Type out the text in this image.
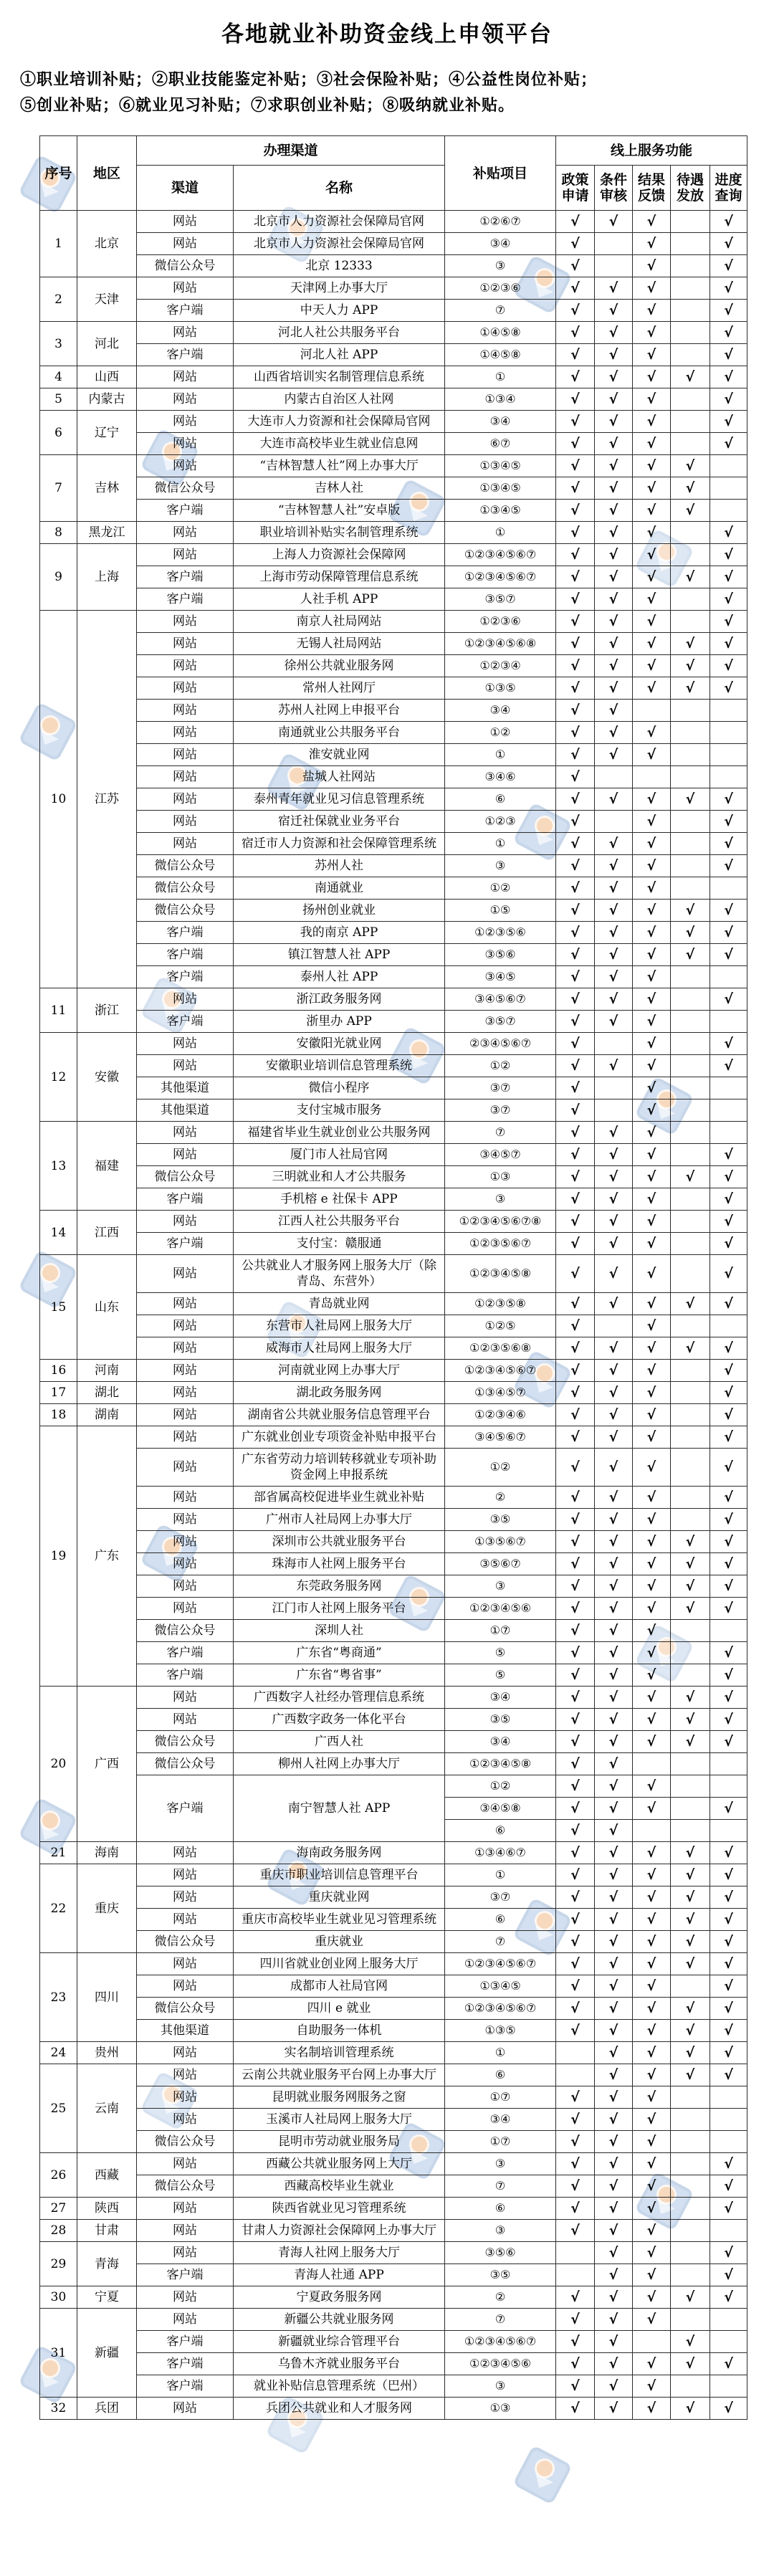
各地就业补助资金线上申领平台
①职业培训补贴；②职业技能鉴定补贴；③社会保险补贴；④公益性岗位补贴；
⑤创业补贴；⑥就业见习补贴；⑦求职创业补贴；⑧吸纳就业补贴。
序号	地区	办理渠道		补贴项目	线上服务功能				
		渠道	名称		政策申请	条件审核	结果反馈	待遇发放	进度查询
1	北京	网站	北京市人力资源社会保障局官网	①②⑥⑦	√	√	√		√
		网站	北京市人力资源社会保障局官网	③④	√		√		√
		微信公众号	北京 12333	③	√		√		√
2	天津	网站	天津网上办事大厅	①②③⑥	√	√	√		√
		客户端	中天人力 APP	⑦	√	√	√		√
3	河北	网站	河北人社公共服务平台	①④⑤⑧	√	√	√		√
		客户端	河北人社 APP	①④⑤⑧	√	√	√		√
4	山西	网站	山西省培训实名制管理信息系统	①	√	√	√	√	√
5	内蒙古	网站	内蒙古自治区人社网	①③④	√	√	√		√
6	辽宁	网站	大连市人力资源和社会保障局官网	③④	√	√	√		√
		网站	大连市高校毕业生就业信息网	⑥⑦	√	√	√		√
7	吉林	网站	“吉林智慧人社”网上办事大厅	①③④⑤	√	√	√	√	
		微信公众号	吉林人社	①③④⑤	√	√	√	√	
		客户端	“吉林智慧人社”安卓版	①③④⑤	√	√	√	√	
8	黑龙江	网站	职业培训补贴实名制管理系统	①	√	√	√		√
9	上海	网站	上海人力资源社会保障网	①②③④⑤⑥⑦	√	√	√		√
		客户端	上海市劳动保障管理信息系统	①②③④⑤⑥⑦	√	√	√	√	√
		客户端	人社手机 APP	③⑤⑦	√	√	√		√
10	江苏	网站	南京人社局网站	①②③⑥	√	√	√		√
		网站	无锡人社局网站	①②③④⑤⑥⑧	√	√	√	√	√
		网站	徐州公共就业服务网	①②③④	√	√	√	√	√
		网站	常州人社网厅	①③⑤	√	√	√	√	√
		网站	苏州人社网上申报平台	③④	√	√			
		网站	南通就业公共服务平台	①②	√	√	√		
		网站	淮安就业网	①	√	√	√		
		网站	盐城人社网站	③④⑥	√				
		网站	泰州青年就业见习信息管理系统	⑥	√	√	√	√	√
		网站	宿迁社保就业业务平台	①②③	√		√		√
		网站	宿迁市人力资源和社会保障管理系统	①	√	√	√		√
		微信公众号	苏州人社	③	√	√	√		√
		微信公众号	南通就业	①②	√	√	√		
		微信公众号	扬州创业就业	①⑤	√	√	√	√	√
		客户端	我的南京 APP	①②③⑤⑥	√	√	√	√	√
		客户端	镇江智慧人社 APP	③⑤⑥	√	√	√	√	√
		客户端	泰州人社 APP	③④⑤	√	√	√		
11	浙江	网站	浙江政务服务网	③④⑤⑥⑦	√	√	√		√
		客户端	浙里办 APP	③⑤⑦	√	√	√		
12	安徽	网站	安徽阳光就业网	②③④⑤⑥⑦	√		√		√
		网站	安徽职业培训信息管理系统	①②	√	√	√		√
		其他渠道	微信小程序	③⑦	√		√		
		其他渠道	支付宝城市服务	③⑦	√		√		
13	福建	网站	福建省毕业生就业创业公共服务网	⑦	√	√	√		
		网站	厦门市人社局官网	③④⑤⑦	√	√	√		√
		微信公众号	三明就业和人才公共服务	①③	√	√	√	√	√
		客户端	手机榕 e 社保卡 APP	③	√	√	√		√
14	江西	网站	江西人社公共服务平台	①②③④⑤⑥⑦⑧	√	√	√		√
		客户端	支付宝：赣服通	①②③⑤⑥⑦	√	√	√		√
15	山东	网站	公共就业人才服务网上服务大厅（除青岛、东营外）	①②③④⑤⑧	√	√	√		√
		网站	青岛就业网	①②③⑤⑧	√	√	√	√	√
		网站	东营市人社局网上服务大厅	①②⑤	√		√		
		网站	威海市人社局网上服务大厅	①②③⑤⑥⑧	√	√	√	√	√
16	河南	网站	河南就业网上办事大厅	①②③④⑤⑥⑦	√	√	√		√
17	湖北	网站	湖北政务服务网	①③④⑤⑦	√	√	√		√
18	湖南	网站	湖南省公共就业服务信息管理平台	①②③④⑥	√	√	√		√
19	广东	网站	广东就业创业专项资金补贴申报平台	③④⑤⑥⑦	√	√	√		√
		网站	广东省劳动力培训转移就业专项补助资金网上申报系统	①②	√	√	√		√
		网站	部省属高校促进毕业生就业补贴	②	√	√	√		√
		网站	广州市人社局网上办事大厅	③⑤	√	√	√		√
		网站	深圳市公共就业服务平台	①③⑤⑥⑦	√	√	√	√	√
		网站	珠海市人社网上服务平台	③⑤⑥⑦	√	√	√	√	√
		网站	东莞政务服务网	③	√	√	√	√	√
		网站	江门市人社网上服务平台	①②③④⑤⑥	√	√	√	√	√
		微信公众号	深圳人社	①⑦	√	√	√		
		客户端	广东省“粤商通”	⑤	√	√	√		√
		客户端	广东省“粤省事”	⑤	√	√	√		√
20	广西	网站	广西数字人社经办管理信息系统	③④	√	√	√	√	√
		网站	广西数字政务一体化平台	③⑤	√	√	√	√	√
		微信公众号	广西人社	③④	√	√	√	√	√
		微信公众号	柳州人社网上办事大厅	①②③④⑤⑧	√	√			
		客户端	南宁智慧人社 APP	①②	√	√	√		
				③④⑤⑧	√	√	√		√
				⑥	√	√			
21	海南	网站	海南政务服务网	①③④⑥⑦	√	√	√	√	√
22	重庆	网站	重庆市职业培训信息管理平台	①	√	√	√	√	√
		网站	重庆就业网	③⑦	√	√	√	√	√
		网站	重庆市高校毕业生就业见习管理系统	⑥	√	√	√	√	√
		微信公众号	重庆就业	⑦	√	√	√	√	√
23	四川	网站	四川省就业创业网上服务大厅	①②③④⑤⑥⑦	√	√	√	√	√
		网站	成都市人社局官网	①③④⑤	√	√	√		√
		微信公众号	四川 e 就业	①②③④⑤⑥⑦	√	√	√	√	√
		其他渠道	自助服务一体机	①③⑤	√	√	√	√	√
24	贵州	网站	实名制培训管理系统	①		√	√	√	√
25	云南	网站	云南公共就业服务平台网上办事大厅	⑥		√	√	√	√
		网站	昆明就业服务网服务之窗	①⑦	√	√	√		
		网站	玉溪市人社局网上服务大厅	③④	√	√	√		
		微信公众号	昆明市劳动就业服务局	①⑦	√	√	√		
26	西藏	网站	西藏公共就业服务网上大厅	③	√	√	√		√
		微信公众号	西藏高校毕业生就业	⑦	√	√	√		√
27	陕西	网站	陕西省就业见习管理系统	⑥	√	√	√		√
28	甘肃	网站	甘肃人力资源社会保障网上办事大厅	③	√	√	√		
29	青海	网站	青海人社网上服务大厅	③⑤⑥		√	√		√
		客户端	青海人社通 APP	③⑤		√	√		√
30	宁夏	网站	宁夏政务服务网	②	√	√	√	√	√
31	新疆	网站	新疆公共就业服务网	⑦	√	√	√		
		客户端	新疆就业综合管理平台	①②③④⑤⑥⑦	√	√		√	
		客户端	乌鲁木齐就业服务平台	①②③④⑤⑥	√	√	√	√	√
		客户端	就业补贴信息管理系统（巴州）	③	√	√	√		
32	兵团	网站	兵团公共就业和人才服务网	①③	√	√	√	√	√
